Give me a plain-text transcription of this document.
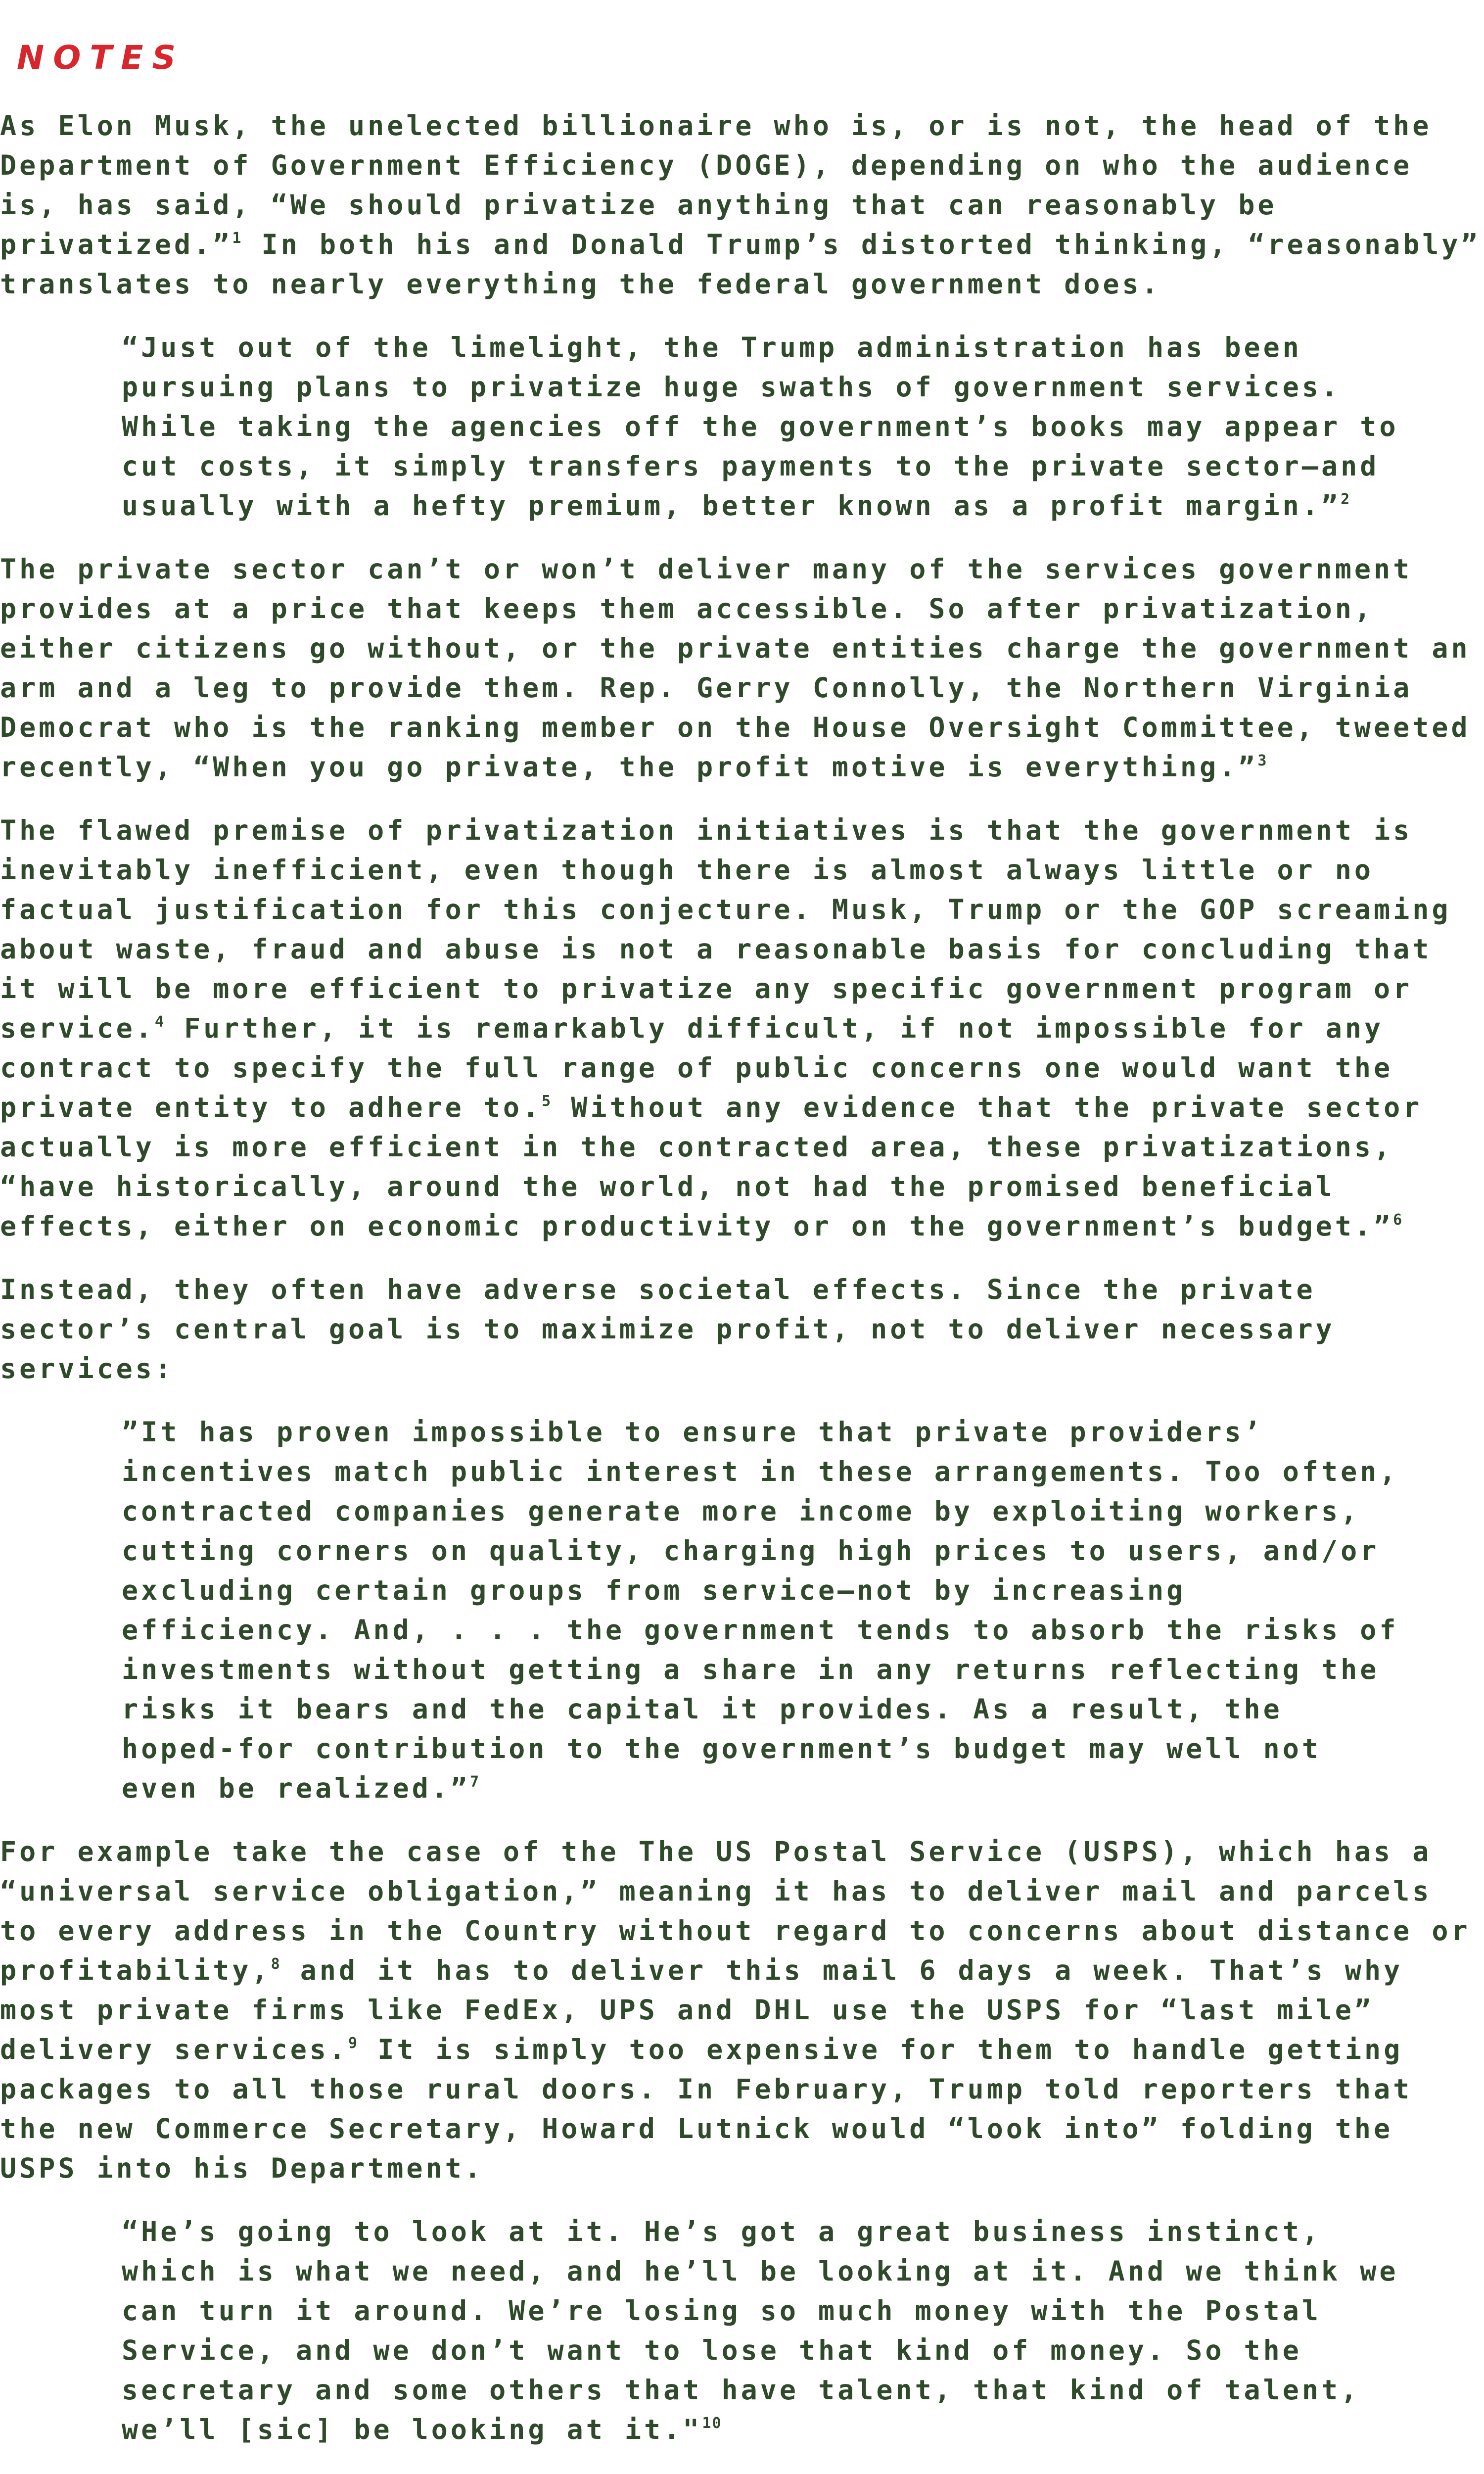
NOTES

As Elon Musk, the unelected billionaire who is, or is not, the head of the Department of Government Efficiency (DOGE), depending on who the audience is, has said, “We should privatize anything that can reasonably be privatized.”$^1$ In both his and Donald Trump’s distorted thinking, “reasonably” translates to nearly everything the federal government does.

“Just out of the limelight, the Trump administration has been pursuing plans to privatize huge swaths of government services. While taking the agencies off the government’s books may appear to cut costs, it simply transfers payments to the private sector—and usually with a hefty premium, better known as a profit margin.”$^2$

The private sector can’t or won’t deliver many of the services government provides at a price that keeps them accessible. So after privatization, either citizens go without, or the private entities charge the government an arm and a leg to provide them. Rep. Gerry Connolly, the Northern Virginia Democrat who is the ranking member on the House Oversight Committee, tweeted recently, “When you go private, the profit motive is everything.”$^3$

The flawed premise of privatization initiatives is that the government is inevitably inefficient, even though there is almost always little or no factual justification for this conjecture. Musk, Trump or the GOP screaming about waste, fraud and abuse is not a reasonable basis for concluding that it will be more efficient to privatize any specific government program or service.$^4$ Further, it is remarkably difficult, if not impossible for any contract to specify the full range of public concerns one would want the private entity to adhere to.$^5$ Without any evidence that the private sector actually is more efficient in the contracted area, these privatizations, “have historically, around the world, not had the promised beneficial effects, either on economic productivity or on the government’s budget.”$^6$

Instead, they often have adverse societal effects. Since the private sector’s central goal is to maximize profit, not to deliver necessary services:

”It has proven impossible to ensure that private providers’ incentives match public interest in these arrangements. Too often, contracted companies generate more income by exploiting workers, cutting corners on quality, charging high prices to users, and/or excluding certain groups from service—not by increasing efficiency. And, . . . the government tends to absorb the risks of investments without getting a share in any returns reflecting the risks it bears and the capital it provides. As a result, the hoped-for contribution to the government’s budget may well not even be realized.”$^7$

For example take the case of the The US Postal Service (USPS), which has a “universal service obligation,” meaning it has to deliver mail and parcels to every address in the Country without regard to concerns about distance or profitability,$^8$ and it has to deliver this mail 6 days a week. That’s why most private firms like FedEx, UPS and DHL use the USPS for “last mile” delivery services.$^9$ It is simply too expensive for them to handle getting packages to all those rural doors. In February, Trump told reporters that the new Commerce Secretary, Howard Lutnick would “look into” folding the USPS into his Department.

“He’s going to look at it. He’s got a great business instinct, which is what we need, and he’ll be looking at it. And we think we can turn it around. We’re losing so much money with the Postal Service, and we don’t want to lose that kind of money. So the secretary and some others that have talent, that kind of talent, we’ll [sic] be looking at it."$^{10}$
